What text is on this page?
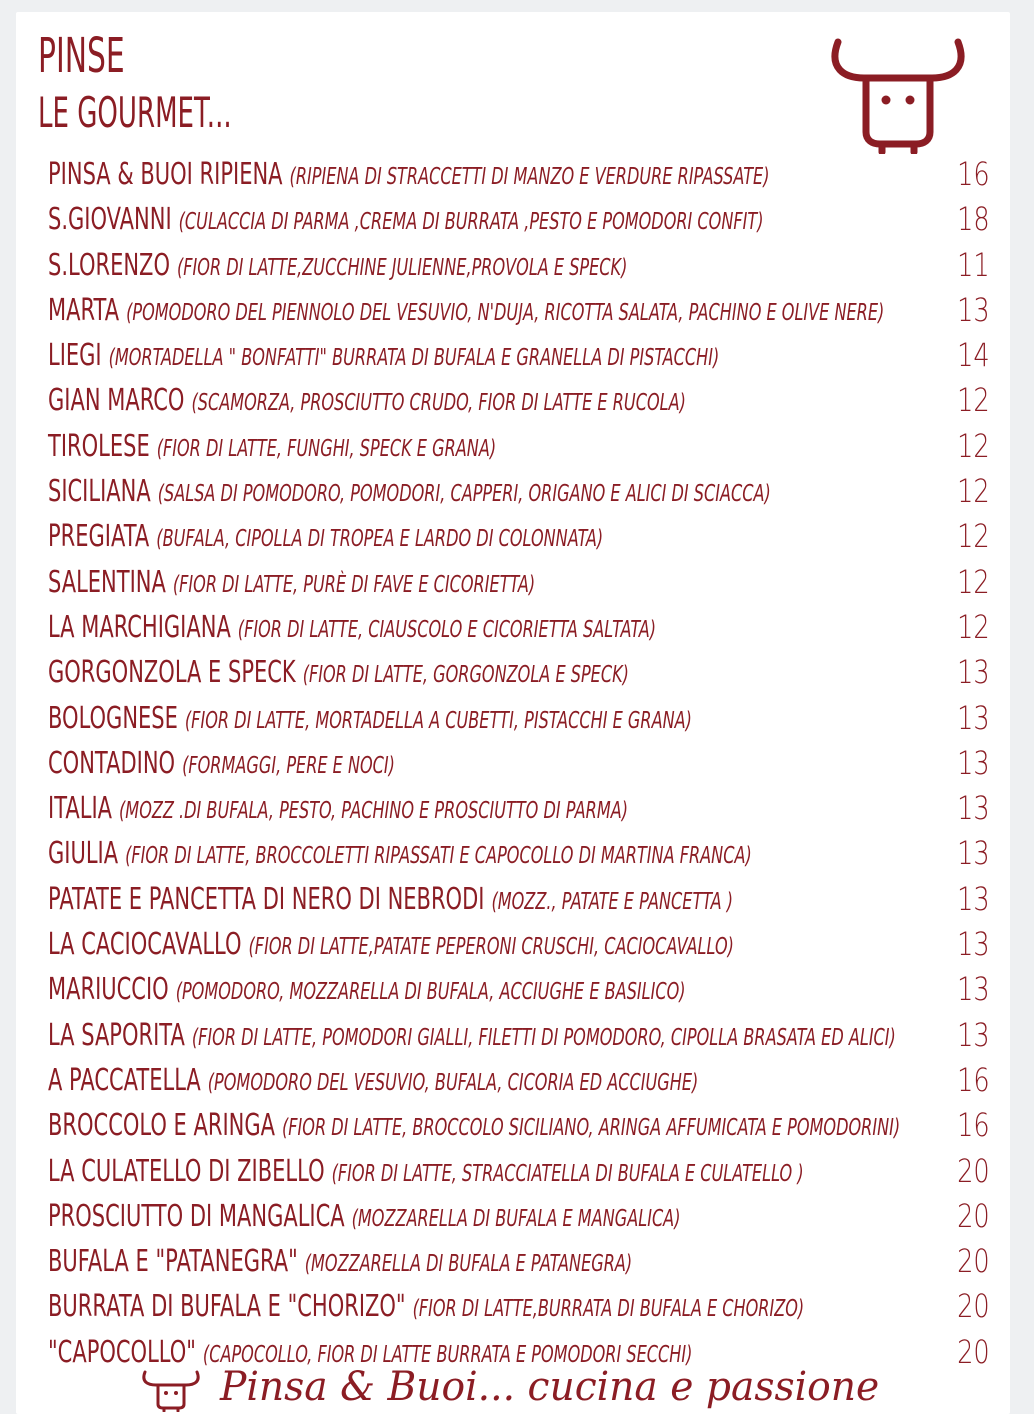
PINSE
LE GOURMET...
PINSA & BUOI RIPIENA (RIPIENA DI STRACCETTI DI MANZO E VERDURE RIPASSATE)	16
S.GIOVANNI (CULACCIA DI PARMA ,CREMA DI BURRATA ,PESTO E POMODORI CONFIT)	18
S.LORENZO (FIOR DI LATTE,ZUCCHINE JULIENNE,PROVOLA E SPECK)	11
MARTA (POMODORO DEL PIENNOLO DEL VESUVIO, N'DUJA, RICOTTA SALATA, PACHINO E OLIVE NERE) 13
LIEGI (MORTADELLA " BONFATTI" BURRATA DI BUFALA E GRANELLA DI PISTACCHI)	14
GIAN MARCO (SCAMORZA, PROSCIUTTO CRUDO, FIOR DI LATTE E RUCOLA)	12
TIROLESE (FIOR DI LATTE, FUNGHI, SPECK E GRANA)	12
SICILIANA (SALSA DI POMODORO, POMODORI, CAPPERI, ORIGANO E ALICI DI SCIACCA)	12
PREGIATA (BUFALA, CIPOLLA DI TROPEA E LARDO DI COLONNATA)	12
SALENTINA (FIOR DI LATTE, PURÈ DI FAVE E CICORIETTA)	12
LA MARCHIGIANA (FIOR DI LATTE, CIAUSCOLO E CICORIETTA SALTATA)	12
GORGONZOLA E SPECK (FIOR DI LATTE, GORGONZOLA E SPECK)	13
BOLOGNESE (FIOR DI LATTE, MORTADELLA A CUBETTI, PISTACCHI E GRANA)	13
CONTADINO (FORMAGGI, PERE E NOCI)	13
ITALIA (MOZZ .DI BUFALA, PESTO, PACHINO E PROSCIUTTO DI PARMA)	13
GIULIA (FIOR DI LATTE, BROCCOLETTI RIPASSATI E CAPOCOLLO DI MARTINA FRANCA)	13
PATATE E PANCETTA DI NERO DI NEBRODI (MOZZ., PATATE E PANCETTA )	13
LA CACIOCAVALLO (FIOR DI LATTE,PATATE PEPERONI CRUSCHI, CACIOCAVALLO)	13
MARIUCCIO (POMODORO, MOZZARELLA DI BUFALA, ACCIUGHE E BASILICO)	13
LA SAPORITA (FIOR DI LATTE, POMODORI GIALLI, FILETTI DI POMODORO, CIPOLLA BRASATA ED ALICI) 13
A PACCATELLA (POMODORO DEL VESUVIO, BUFALA, CICORIA ED ACCIUGHE)	16
BROCCOLO E ARINGA (FIOR DI LATTE, BROCCOLO SICILIANO, ARINGA AFFUMICATA E POMODORINI) 16
LA CULATELLO DI ZIBELLO (FIOR DI LATTE, STRACCIATELLA DI BUFALA E CULATELLO )	20
PROSCIUTTO DI MANGALICA (MOZZARELLA DI BUFALA E MANGALICA)	20
BUFALA E "PATANEGRA" (MOZZARELLA DI BUFALA E PATANEGRA)	20
BURRATA DI BUFALA E "CHORIZO" (FIOR DI LATTE,BURRATA DI BUFALA E CHORIZO)	20
"CAPOCOLLO" (CAPOCOLLO, FIOR DI LATTE BURRATA E POMODORI SECCHI)	20
Pinsa & Buoi... cucina e passione
